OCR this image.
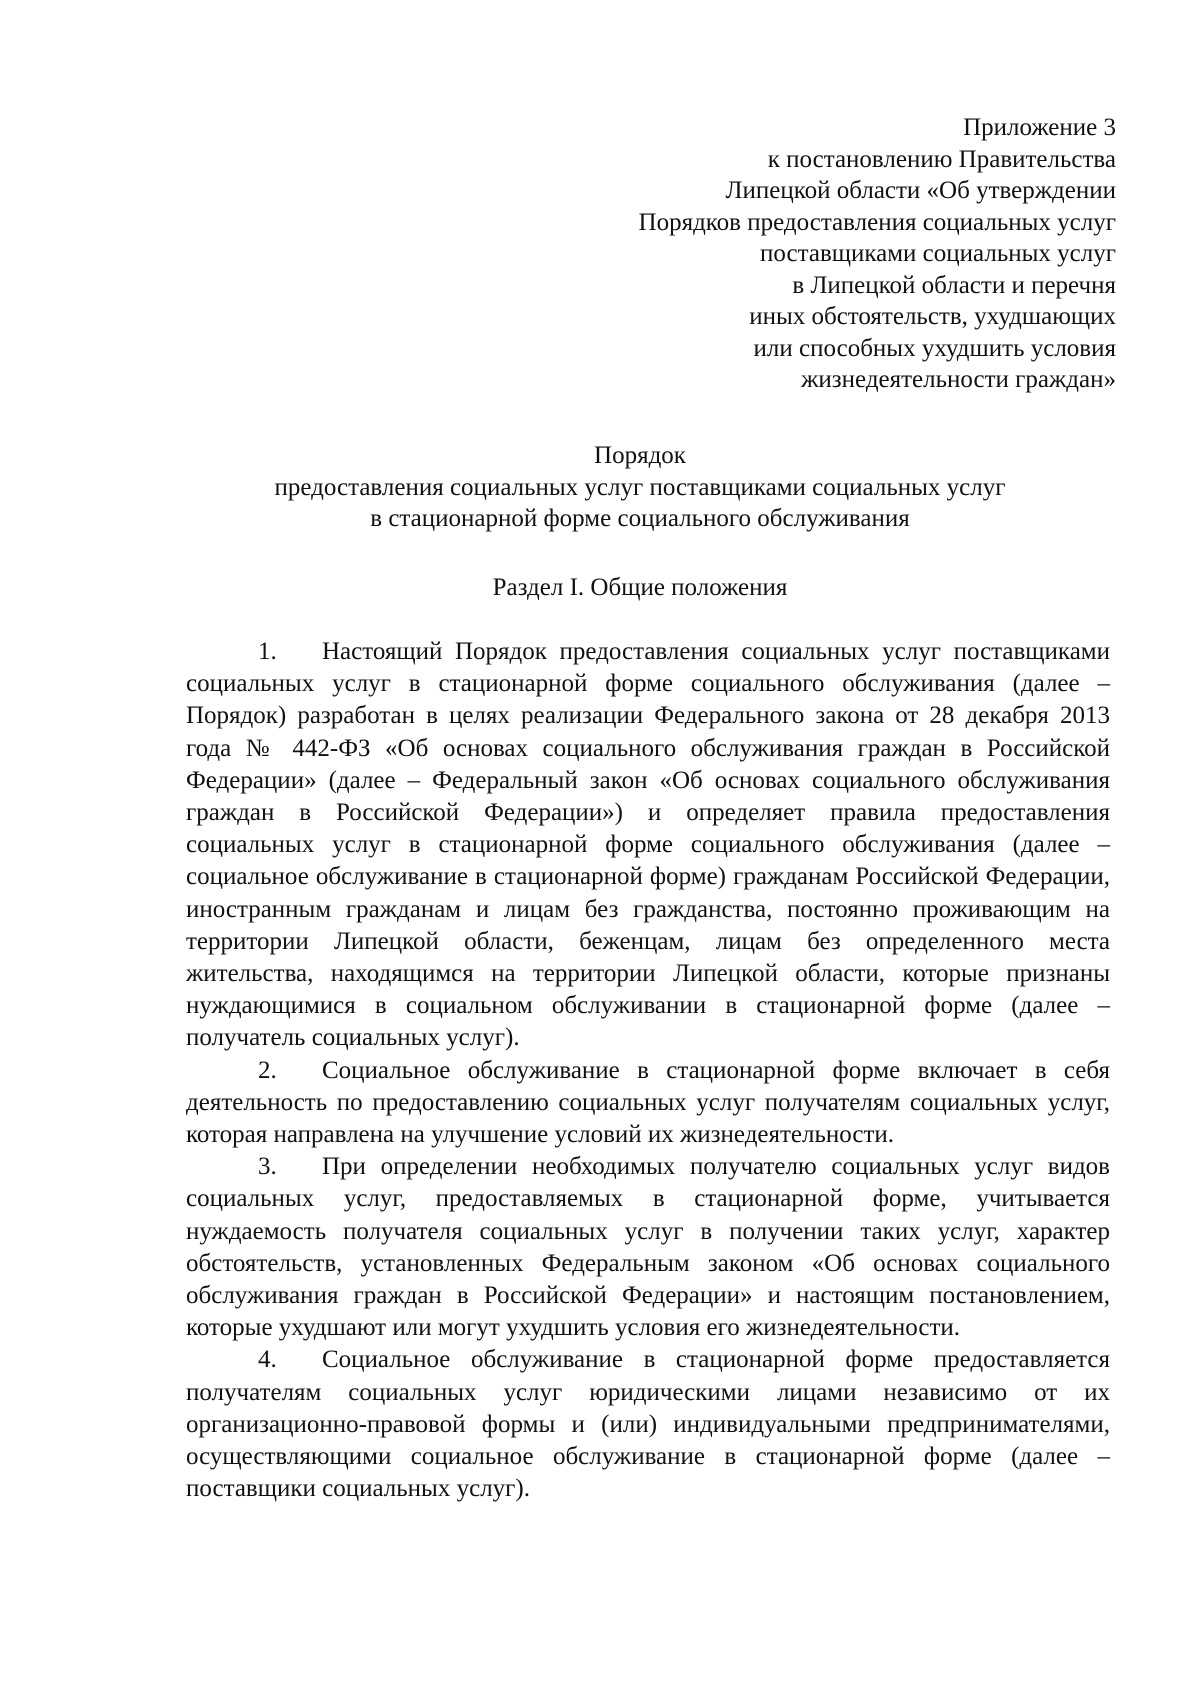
Приложение 3
к постановлению Правительства
Липецкой области «Об утверждении
Порядков предоставления социальных услуг
поставщиками социальных услуг
в Липецкой области и перечня
иных обстоятельств, ухудшающих
или способных ухудшить условия
жизнедеятельности граждан»
Порядок
предоставления социальных услуг поставщиками социальных услуг
в стационарной форме социального обслуживания
Раздел I. Общие положения

1. Настоящий Порядок предоставления социальных услуг поставщиками социальных услуг в стационарной форме социального обслуживания (далее – Порядок) разработан в целях реализации Федерального закона от 28 декабря 2013 года № 442-ФЗ «Об основах социального обслуживания граждан в Российской Федерации» (далее – Федеральный закон «Об основах социального обслуживания граждан в Российской Федерации») и определяет правила предоставления социальных услуг в стационарной форме социального обслуживания (далее – социальное обслуживание в стационарной форме) гражданам Российской Федерации, иностранным гражданам и лицам без гражданства, постоянно проживающим на территории Липецкой области, беженцам, лицам без определенного места жительства, находящимся на территории Липецкой области, которые признаны нуждающимися в социальном обслуживании в стационарной форме (далее – получатель социальных услуг).

2. Социальное обслуживание в стационарной форме включает в себя деятельность по предоставлению социальных услуг получателям социальных услуг, которая направлена на улучшение условий их жизнедеятельности.

3. При определении необходимых получателю социальных услуг видов социальных услуг, предоставляемых в стационарной форме, учитывается нуждаемость получателя социальных услуг в получении таких услуг, характер обстоятельств, установленных Федеральным законом «Об основах социального обслуживания граждан в Российской Федерации» и настоящим постановлением, которые ухудшают или могут ухудшить условия его жизнедеятельности.

4. Социальное обслуживание в стационарной форме предоставляется получателям социальных услуг юридическими лицами независимо от их организационно-правовой формы и (или) индивидуальными предпринимателями, осуществляющими социальное обслуживание в стационарной форме (далее – поставщики социальных услуг).
